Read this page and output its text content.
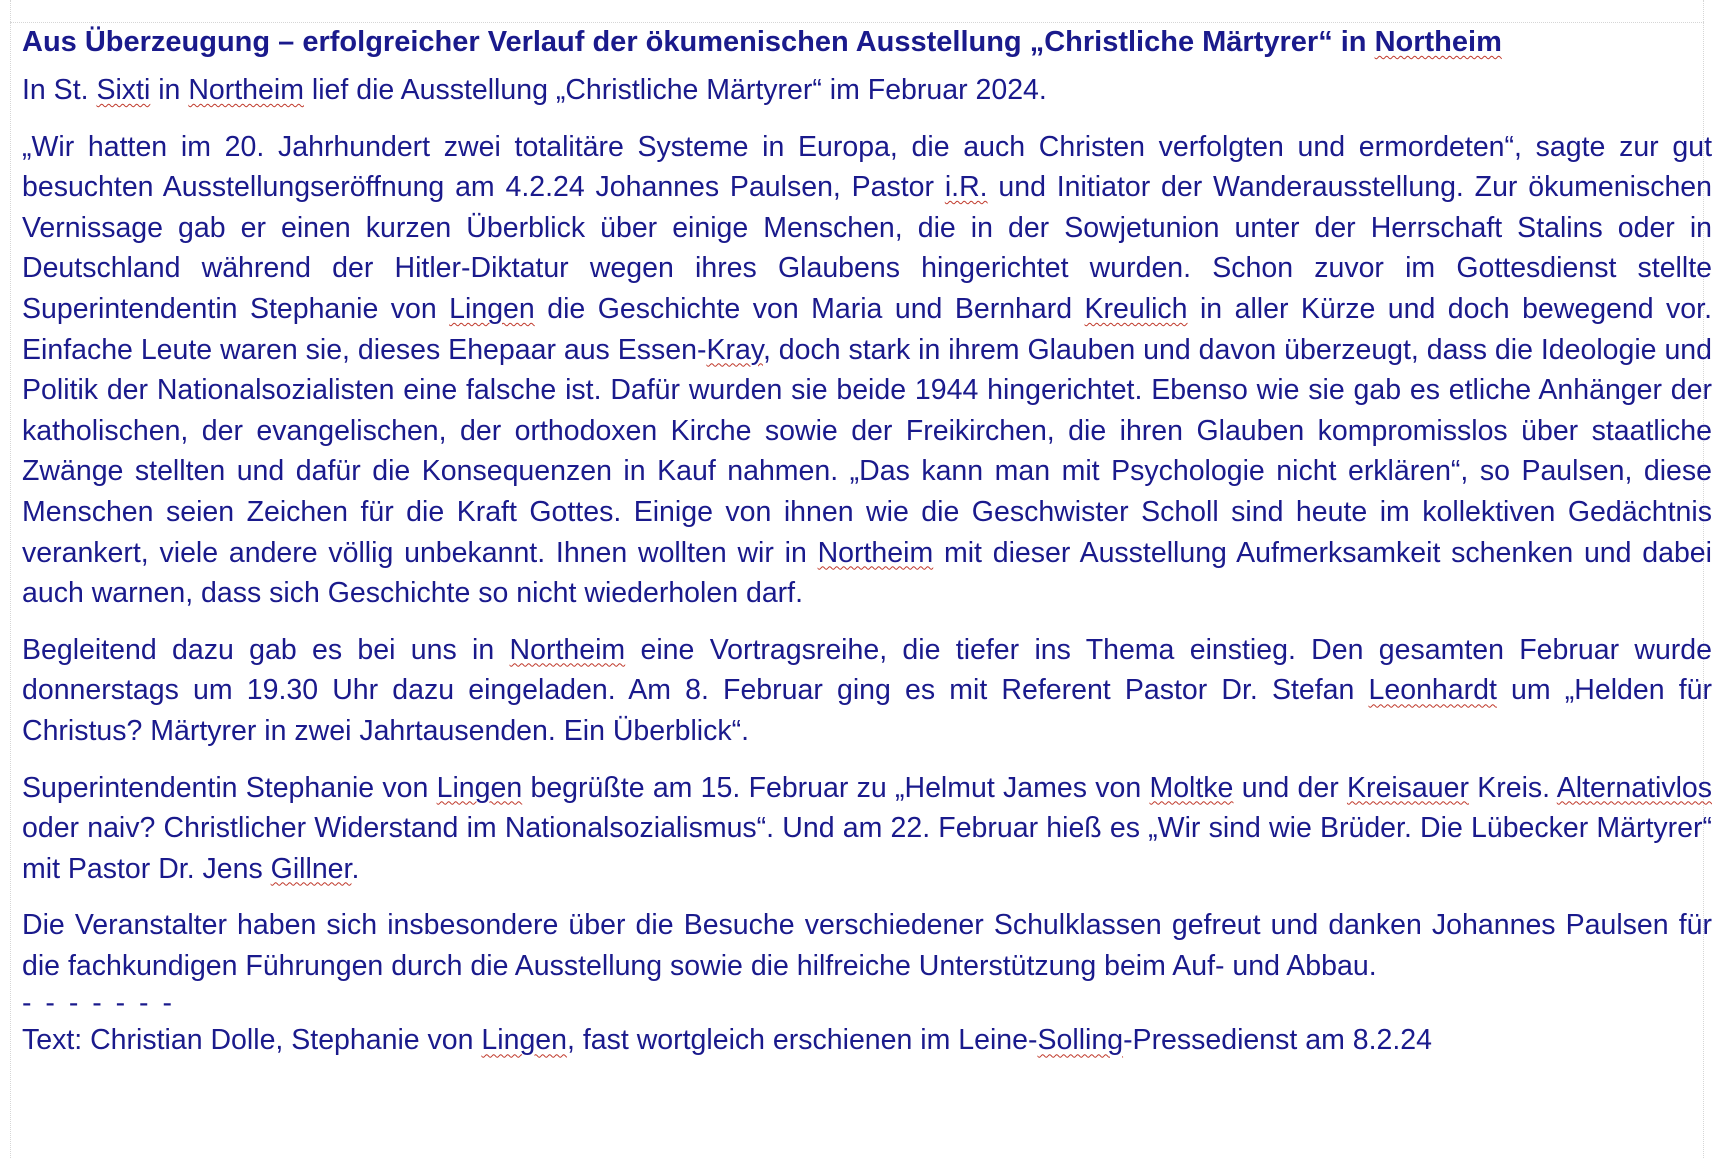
Aus Überzeugung – erfolgreicher Verlauf der ökumenischen Ausstellung „Christliche Märtyrer“ in Northeim

In St. Sixti in Northeim lief die Ausstellung „Christliche Märtyrer“ im Februar 2024.

„Wir hatten im 20. Jahrhundert zwei totalitäre Systeme in Europa, die auch Christen verfolgten und ermordeten“, sagte zur gut besuchten Ausstellungseröffnung am 4.2.24 Johannes Paulsen, Pastor i.R. und Initiator der Wanderausstellung. Zur ökumenischen Vernissage gab er einen kurzen Überblick über einige Menschen, die in der Sowjetunion unter der Herrschaft Stalins oder in Deutschland während der Hitler-Diktatur wegen ihres Glaubens hingerichtet wurden. Schon zuvor im Gottesdienst stellte Superintendentin Stephanie von Lingen die Geschichte von Maria und Bernhard Kreulich in aller Kürze und doch bewegend vor. Einfache Leute waren sie, dieses Ehepaar aus Essen-Kray, doch stark in ihrem Glauben und davon überzeugt, dass die Ideologie und Politik der Nationalsozialisten eine falsche ist. Dafür wurden sie beide 1944 hingerichtet. Ebenso wie sie gab es etliche Anhänger der katholischen, der evangelischen, der orthodoxen Kirche sowie der Freikirchen, die ihren Glauben kompromisslos über staatliche Zwänge stellten und dafür die Konsequenzen in Kauf nahmen. „Das kann man mit Psychologie nicht erklären“, so Paulsen, diese Menschen seien Zeichen für die Kraft Gottes. Einige von ihnen wie die Geschwister Scholl sind heute im kollektiven Gedächtnis verankert, viele andere völlig unbekannt. Ihnen wollten wir in Northeim mit dieser Ausstellung Aufmerksamkeit schenken und dabei auch warnen, dass sich Geschichte so nicht wiederholen darf.

Begleitend dazu gab es bei uns in Northeim eine Vortragsreihe, die tiefer ins Thema einstieg. Den gesamten Februar wurde donnerstags um 19.30 Uhr dazu eingeladen. Am 8. Februar ging es mit Referent Pastor Dr. Stefan Leonhardt um „Helden für Christus? Märtyrer in zwei Jahrtausenden. Ein Überblick“.

Superintendentin Stephanie von Lingen begrüßte am 15. Februar zu „Helmut James von Moltke und der Kreisauer Kreis. Alternativlos oder naiv? Christlicher Widerstand im Nationalsozialismus“. Und am 22. Februar hieß es „Wir sind wie Brüder. Die Lübecker Märtyrer“ mit Pastor Dr. Jens Gillner.

Die Veranstalter haben sich insbesondere über die Besuche verschiedener Schulklassen gefreut und danken Johannes Paulsen für die fachkundigen Führungen durch die Ausstellung sowie die hilfreiche Unterstützung beim Auf- und Abbau.

- - - - - - -

Text: Christian Dolle, Stephanie von Lingen, fast wortgleich erschienen im Leine-Solling-Pressedienst am 8.2.24
